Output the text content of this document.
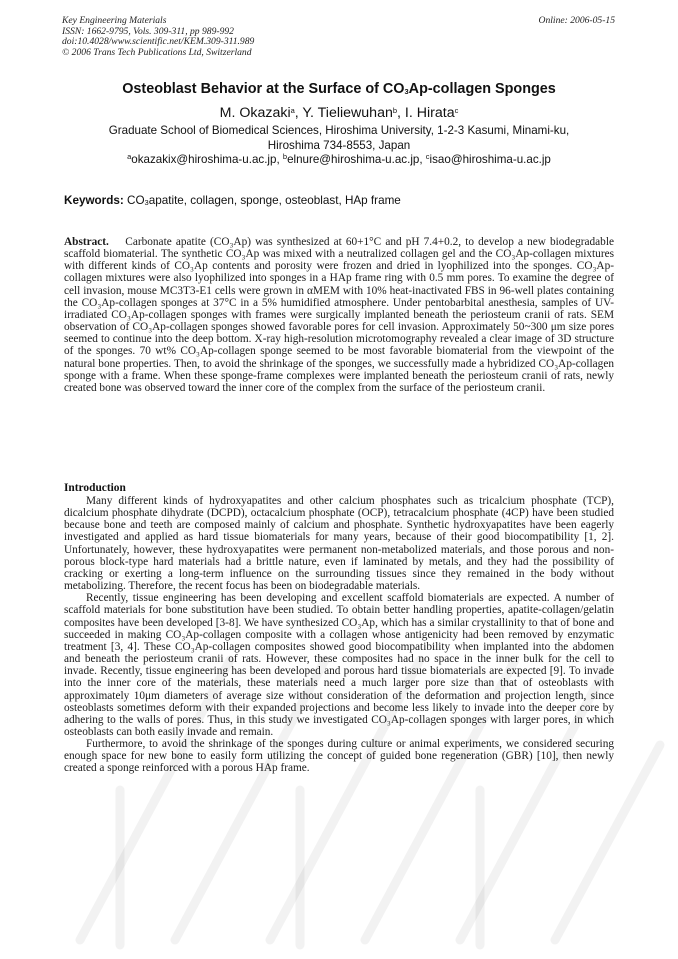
Key Engineering Materials
ISSN: 1662-9795, Vols. 309-311, pp 989-992
doi:10.4028/www.scientific.net/KEM.309-311.989
© 2006 Trans Tech Publications Ltd, Switzerland
Online: 2006-05-15
Osteoblast Behavior at the Surface of $CO_3Ap$-collagen Sponges
M. Okazaki$^a$, Y. Tieliewuhan$^b$, I. Hirata$^c$
Graduate School of Biomedical Sciences, Hiroshima University, 1-2-3 Kasumi, Minami-ku,
Hiroshima 734-8553, Japan
$^a$okazakix@hiroshima-u.ac.jp, $^b$elnure@hiroshima-u.ac.jp, $^c$isao@hiroshima-u.ac.jp
Keywords: $CO_3apatite$, collagen, sponge, osteoblast, HAp frame
Abstract. Carbonate apatite (CO₃Ap) was synthesized at 60+1°C and pH 7.4+0.2, to develop a new biodegradable scaffold biomaterial. The synthetic CO₃Ap was mixed with a neutralized collagen gel and the CO₃Ap-collagen mixtures with different kinds of CO₃Ap contents and porosity were frozen and dried in lyophilized into the sponges. CO₃Ap-collagen mixtures were also lyophilized into sponges in a HAp frame ring with 0.5 mm pores. To examine the degree of cell invasion, mouse MC3T3-E1 cells were grown in αMEM with 10% heat-inactivated FBS in 96-well plates containing the CO₃Ap-collagen sponges at 37°C in a 5% humidified atmosphere. Under pentobarbital anesthesia, samples of UV-irradiated CO₃Ap-collagen sponges with frames were surgically implanted beneath the periosteum cranii of rats. SEM observation of CO₃Ap-collagen sponges showed favorable pores for cell invasion. Approximately 50~300 μm size pores seemed to continue into the deep bottom. X-ray high-resolution microtomography revealed a clear image of 3D structure of the sponges. 70 wt% CO₃Ap-collagen sponge seemed to be most favorable biomaterial from the viewpoint of the natural bone properties. Then, to avoid the shrinkage of the sponges, we successfully made a hybridized CO₃Ap-collagen sponge with a frame. When these sponge-frame complexes were implanted beneath the periosteum cranii of rats, newly created bone was observed toward the inner core of the complex from the surface of the periosteum cranii.
Introduction

Many different kinds of hydroxyapatites and other calcium phosphates such as tricalcium phosphate (TCP), dicalcium phosphate dihydrate (DCPD), octacalcium phosphate (OCP), tetracalcium phosphate (4CP) have been studied because bone and teeth are composed mainly of calcium and phosphate. Synthetic hydroxyapatites have been eagerly investigated and applied as hard tissue biomaterials for many years, because of their good biocompatibility [1, 2]. Unfortunately, however, these hydroxyapatites were permanent non-metabolized materials, and those porous and non-porous block-type hard materials had a brittle nature, even if laminated by metals, and they had the possibility of cracking or exerting a long-term influence on the surrounding tissues since they remained in the body without metabolizing. Therefore, the recent focus has been on biodegradable materials.

Recently, tissue engineering has been developing and excellent scaffold biomaterials are expected. A number of scaffold materials for bone substitution have been studied. To obtain better handling properties, apatite-collagen/gelatin composites have been developed [3-8]. We have synthesized CO₃Ap, which has a similar crystallinity to that of bone and succeeded in making CO₃Ap-collagen composite with a collagen whose antigenicity had been removed by enzymatic treatment [3, 4]. These CO₃Ap-collagen composites showed good biocompatibility when implanted into the abdomen and beneath the periosteum cranii of rats. However, these composites had no space in the inner bulk for the cell to invade. Recently, tissue engineering has been developed and porous hard tissue biomaterials are expected [9]. To invade into the inner core of the materials, these materials need a much larger pore size than that of osteoblasts with approximately 10μm diameters of average size without consideration of the deformation and projection length, since osteoblasts sometimes deform with their expanded projections and become less likely to invade into the deeper core by adhering to the walls of pores. Thus, in this study we investigated CO₃Ap-collagen sponges with larger pores, in which osteoblasts can both easily invade and remain.

Furthermore, to avoid the shrinkage of the sponges during culture or animal experiments, we considered securing enough space for new bone to easily form utilizing the concept of guided bone regeneration (GBR) [10], then newly created a sponge reinforced with a porous HAp frame.
